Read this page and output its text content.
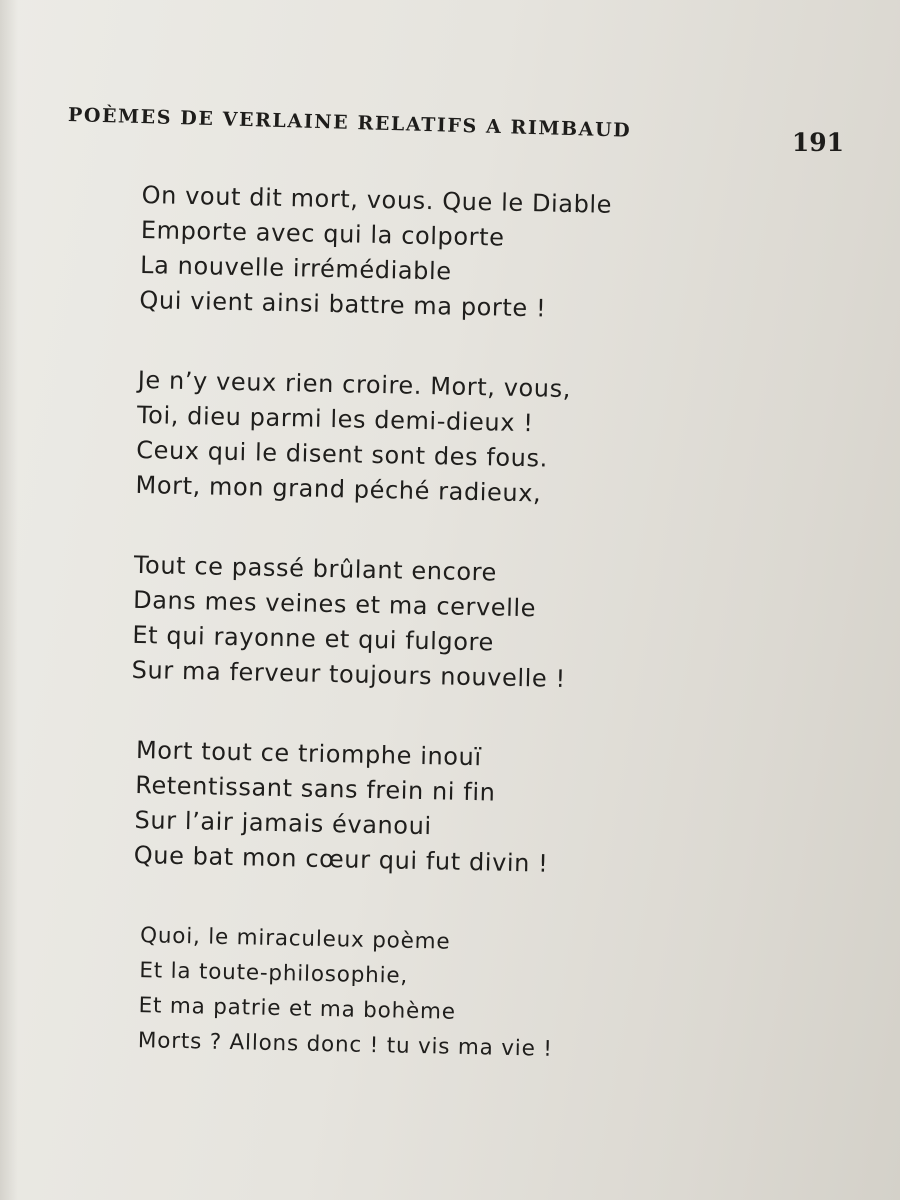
POÈMES DE VERLAINE RELATIFS A RIMBAUD
191
On vout dit mort, vous. Que le Diable
Emporte avec qui la colporte
La nouvelle irrémédiable
Qui vient ainsi battre ma porte !
Je n’y veux rien croire. Mort, vous,
Toi, dieu parmi les demi-dieux !
Ceux qui le disent sont des fous.
Mort, mon grand péché radieux,
Tout ce passé brûlant encore
Dans mes veines et ma cervelle
Et qui rayonne et qui fulgore
Sur ma ferveur toujours nouvelle !
Mort tout ce triomphe inouï
Retentissant sans frein ni fin
Sur l’air jamais évanoui
Que bat mon cœur qui fut divin !
Quoi, le miraculeux poème
Et la toute-philosophie,
Et ma patrie et ma bohème
Morts ? Allons donc ! tu vis ma vie !
